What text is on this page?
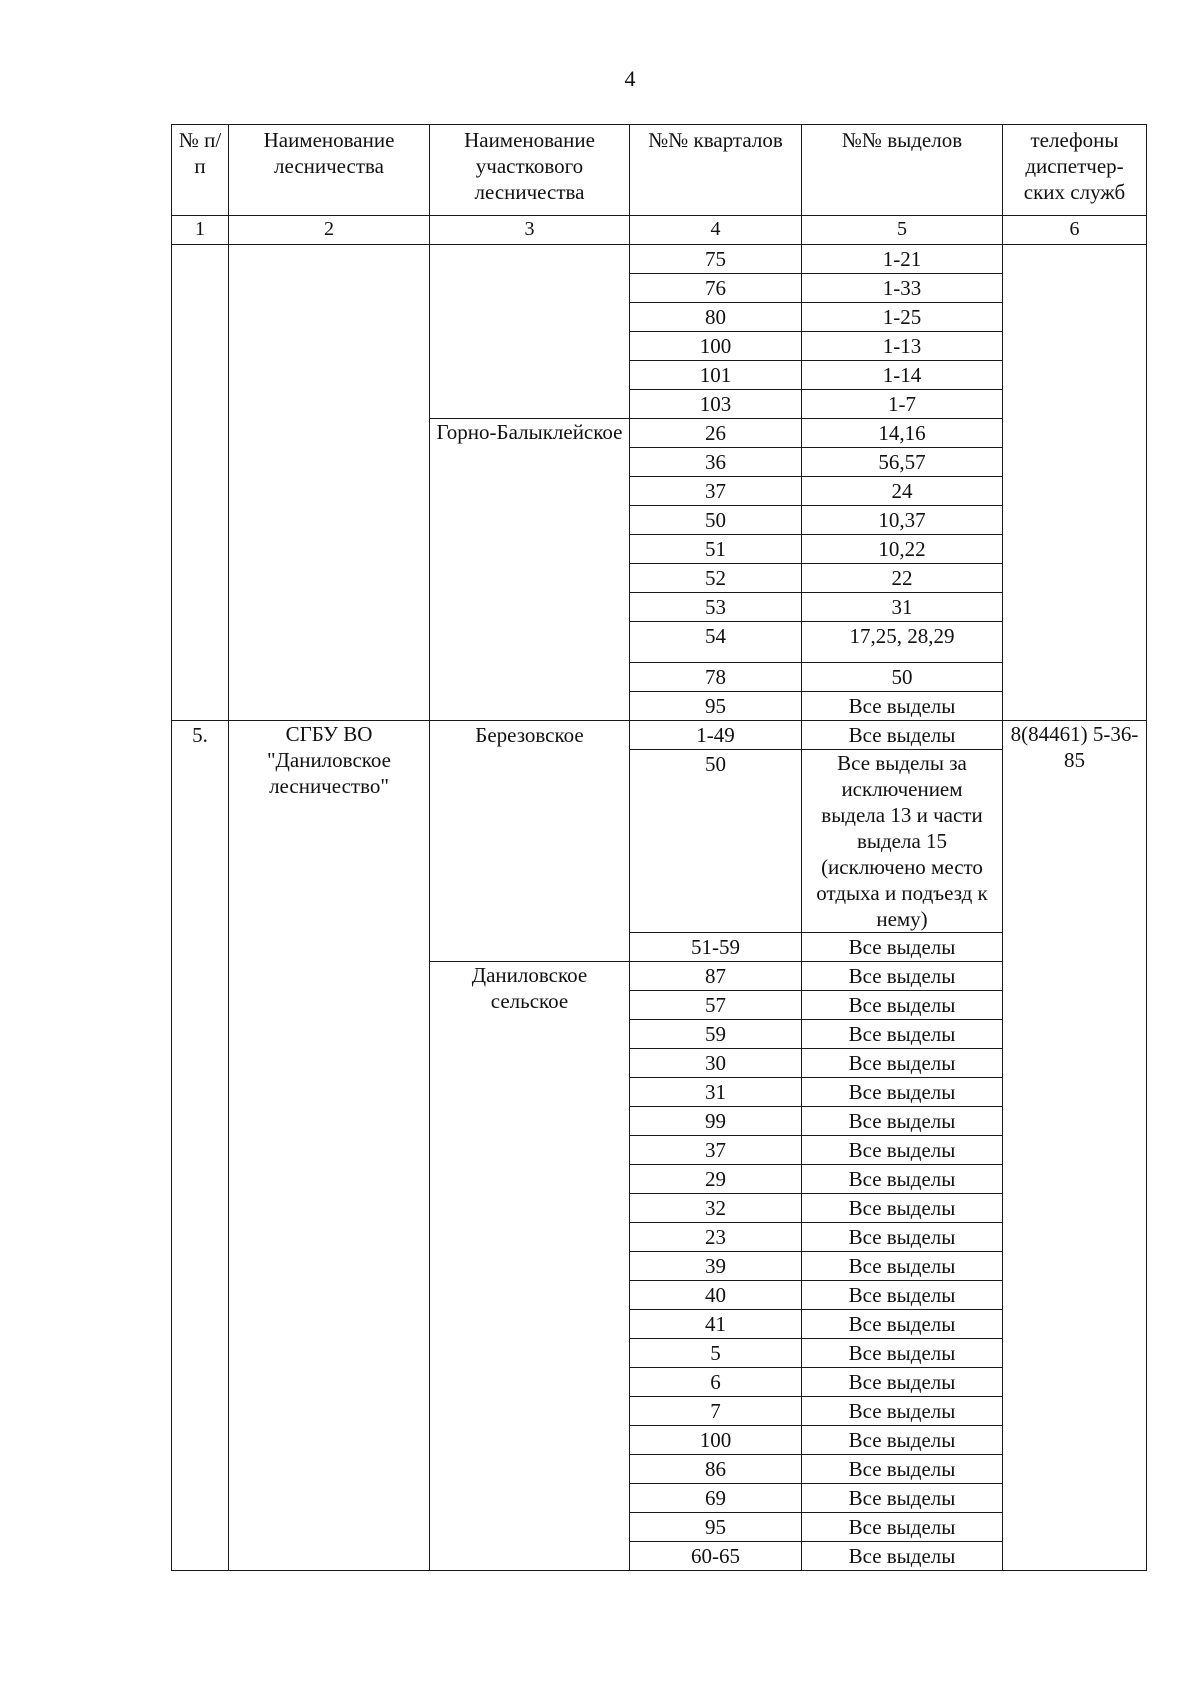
4
№ п/п	Наименование лесничества	Наименование участкового лесничества	№№ кварталов	№№ выделов	телефоны диспетчер-ских служб
1	2	3	4	5	6
			75	1-21	
			76	1-33	
			80	1-25	
			100	1-13	
			101	1-14	
			103	1-7	
		Горно-Балыклейское	26	14,16	
			36	56,57	
			37	24	
			50	10,37	
			51	10,22	
			52	22	
			53	31	
			54	17,25, 28,29	
			78	50	
			95	Все выделы	
5.	СГБУ ВО "Даниловское лесничество"	Березовское	1-49	Все выделы	8(84461) 5-36-85
			50	Все выделы за исключением выдела 13 и части выдела 15 (исключено место отдыха и подъезд к нему)	
			51-59	Все выделы	
		Даниловское сельское	87	Все выделы	
			57	Все выделы	
			59	Все выделы	
			30	Все выделы	
			31	Все выделы	
			99	Все выделы	
			37	Все выделы	
			29	Все выделы	
			32	Все выделы	
			23	Все выделы	
			39	Все выделы	
			40	Все выделы	
			41	Все выделы	
			5	Все выделы	
			6	Все выделы	
			7	Все выделы	
			100	Все выделы	
			86	Все выделы	
			69	Все выделы	
			95	Все выделы	
			60-65	Все выделы	
